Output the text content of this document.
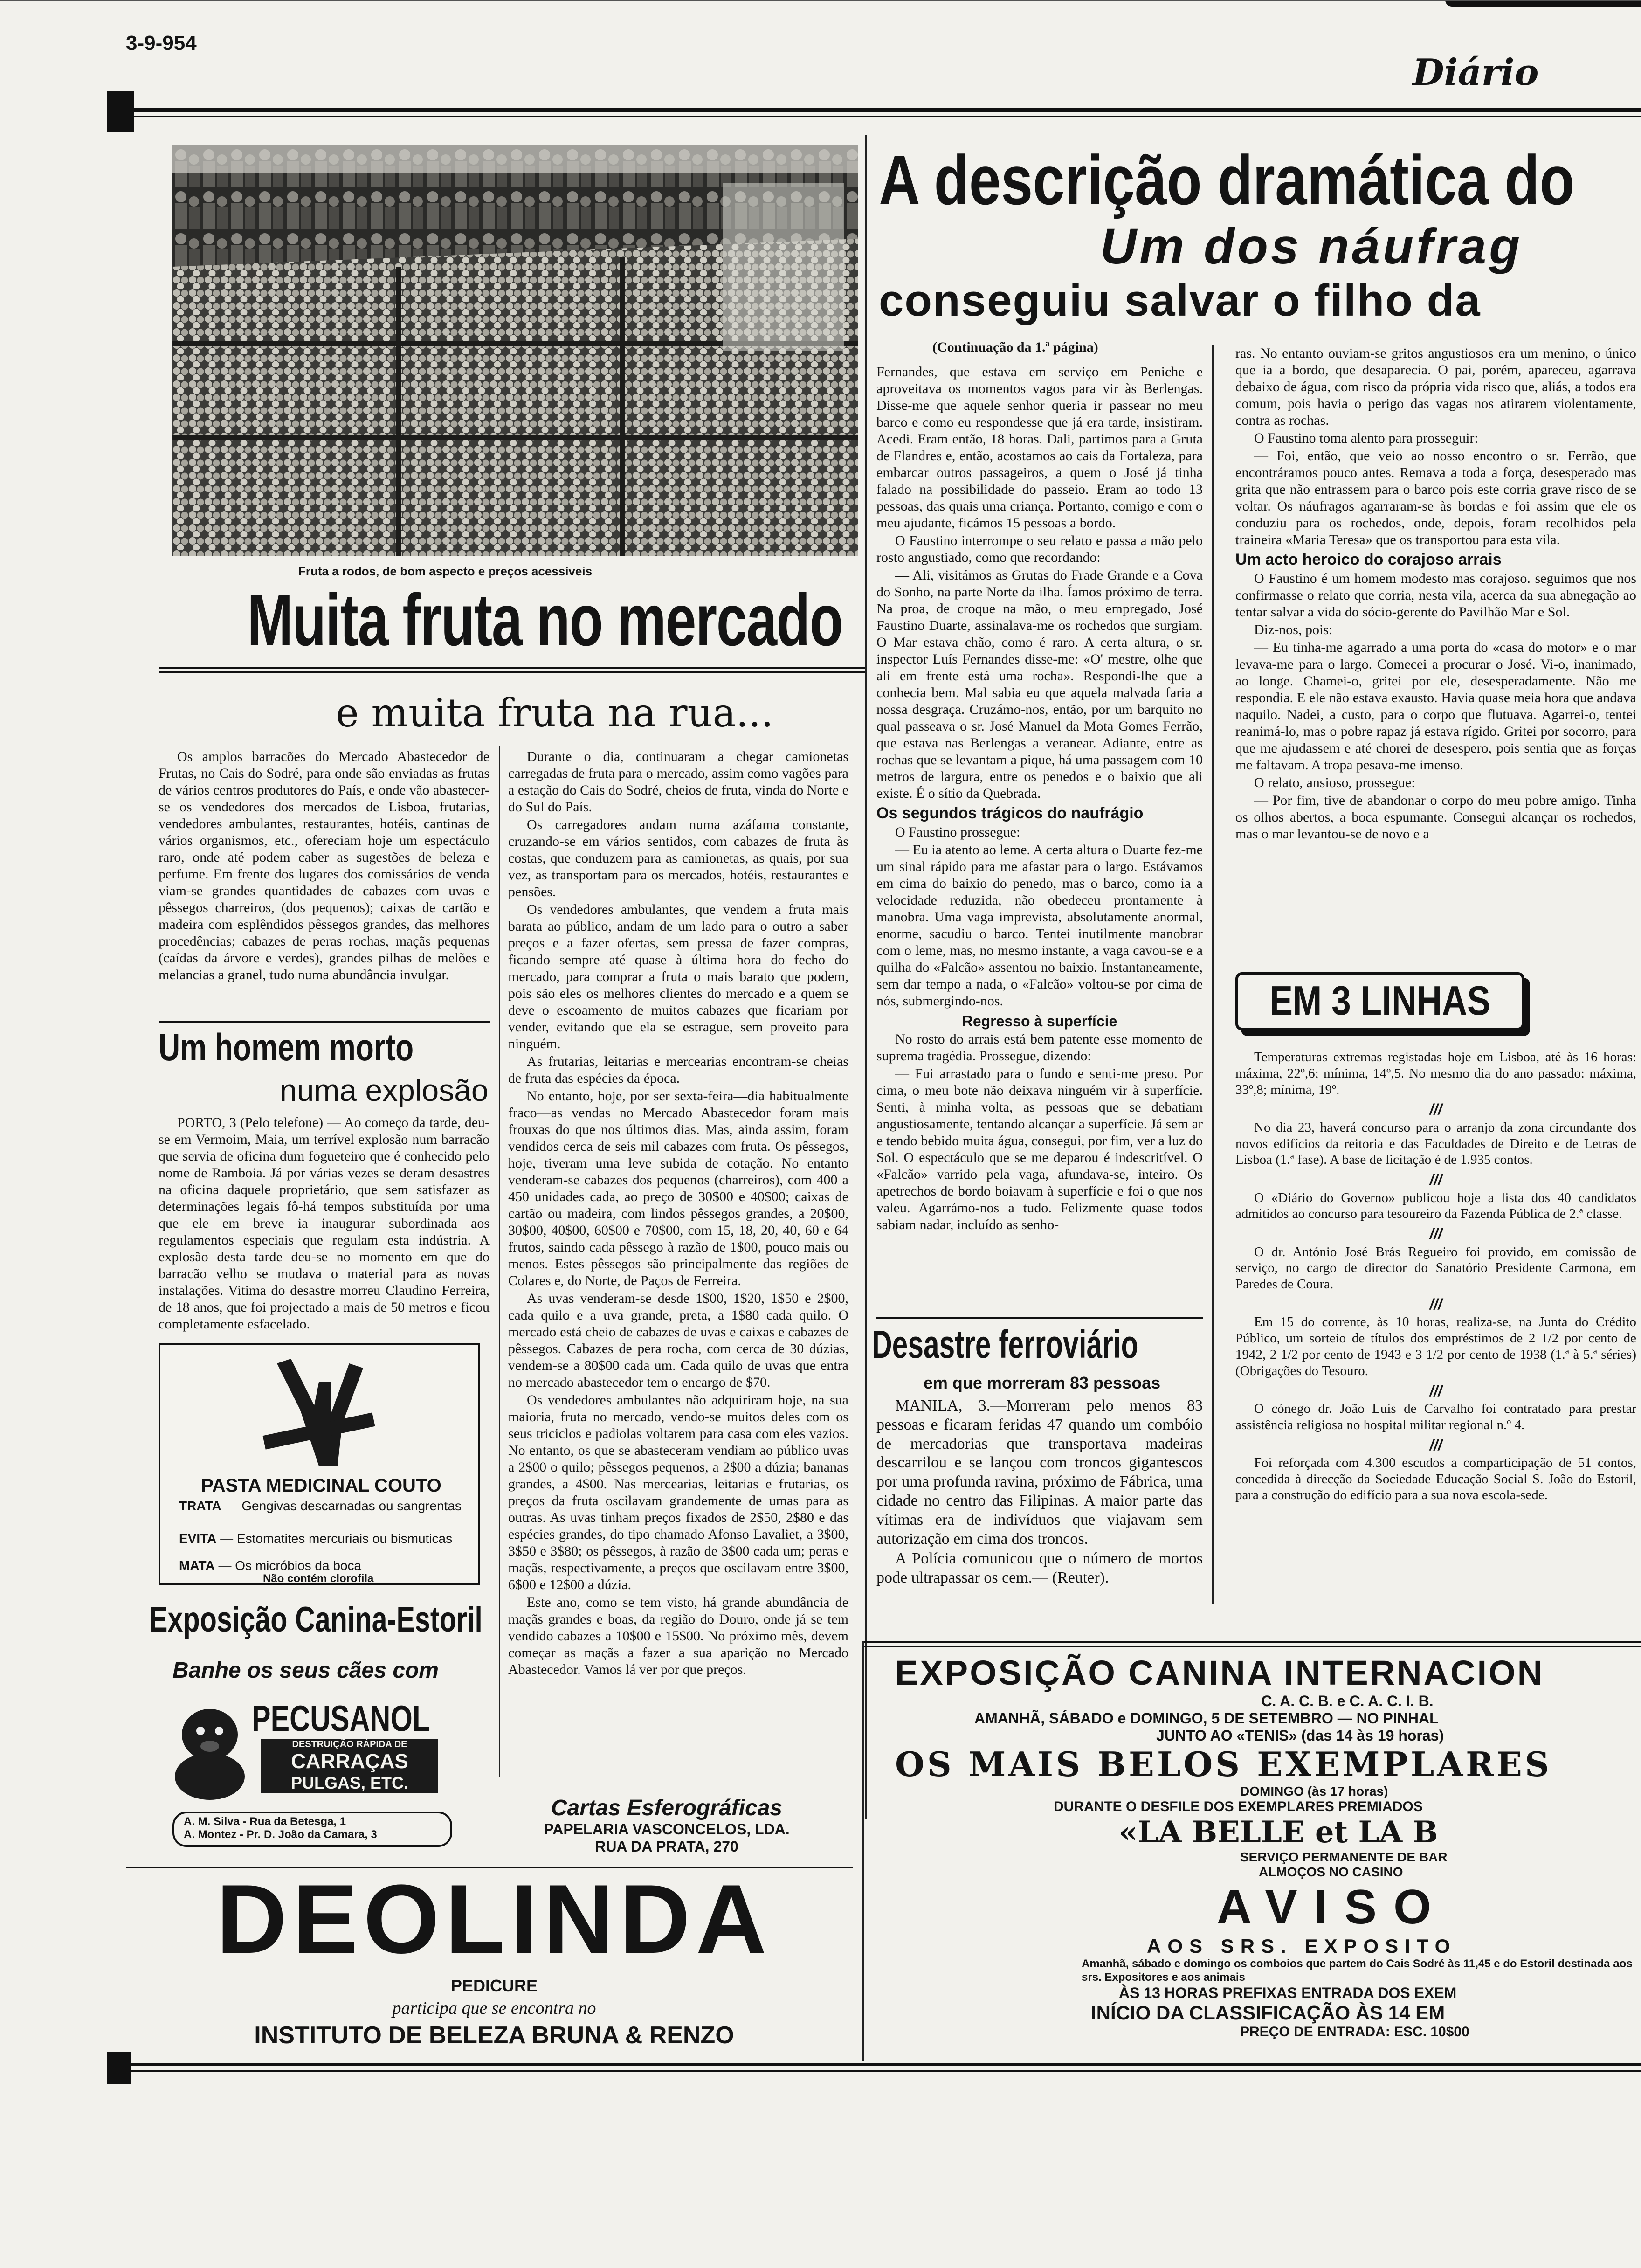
3-9-954
Diário
Fruta a rodos, de bom aspecto e preços acessíveis
Muita fruta no mercado
e muita fruta na rua...

Os amplos barracões do Mercado Abastecedor de Frutas, no Cais do Sodré, para onde são enviadas as frutas de vários centros produtores do País, e onde vão abastecer-se os vendedores dos mercados de Lisboa, frutarias, vendedores ambulantes, restaurantes, hotéis, cantinas de vários organismos, etc., ofereciam hoje um espectáculo raro, onde até podem caber as sugestões de beleza e perfume. Em frente dos lugares dos comissários de venda viam-se grandes quantidades de cabazes com uvas e pêssegos charreiros, (dos pequenos); caixas de cartão e madeira com esplêndidos pêssegos grandes, das melhores procedências; cabazes de peras rochas, maçãs pequenas (caídas da árvore e verdes), grandes pilhas de melões e melancias a granel, tudo numa abundância invulgar.

Durante o dia, continuaram a chegar camionetas carregadas de fruta para o mercado, assim como vagões para a estação do Cais do Sodré, cheios de fruta, vinda do Norte e do Sul do País.

Os carregadores andam numa azáfama constante, cruzando-se em vários sentidos, com cabazes de fruta às costas, que conduzem para as camionetas, as quais, por sua vez, as transportam para os mercados, hotéis, restaurantes e pensões.

Os vendedores ambulantes, que vendem a fruta mais barata ao público, andam de um lado para o outro a saber preços e a fazer ofertas, sem pressa de fazer compras, ficando sempre até quase à última hora do fecho do mercado, para comprar a fruta o mais barato que podem, pois são eles os melhores clientes do mercado e a quem se deve o escoamento de muitos cabazes que ficariam por vender, evitando que ela se estrague, sem proveito para ninguém.

As frutarias, leitarias e mercearias encontram-se cheias de fruta das espécies da época.

No entanto, hoje, por ser sexta-feira—dia habitualmente fraco—as vendas no Mercado Abastecedor foram mais frouxas do que nos últimos dias. Mas, ainda assim, foram vendidos cerca de seis mil cabazes com fruta. Os pêssegos, hoje, tiveram uma leve subida de cotação. No entanto venderam-se cabazes dos pequenos (charreiros), com 400 a 450 unidades cada, ao preço de 30$00 e 40$00; caixas de cartão ou madeira, com lindos pêssegos grandes, a 20$00, 30$00, 40$00, 60$00 e 70$00, com 15, 18, 20, 40, 60 e 64 frutos, saindo cada pêssego à razão de 1$00, pouco mais ou menos. Estes pêssegos são principalmente das regiões de Colares e, do Norte, de Paços de Ferreira.

As uvas venderam-se desde 1$00, 1$20, 1$50 e 2$00, cada quilo e a uva grande, preta, a 1$80 cada quilo. O mercado está cheio de cabazes de uvas e caixas e cabazes de pêssegos. Cabazes de pera rocha, com cerca de 30 dúzias, vendem-se a 80$00 cada um. Cada quilo de uvas que entra no mercado abastecedor tem o encargo de $70.

Os vendedores ambulantes não adquiriram hoje, na sua maioria, fruta no mercado, vendo-se muitos deles com os seus triciclos e padiolas voltarem para casa com eles vazios. No entanto, os que se abasteceram vendiam ao público uvas a 2$00 o quilo; pêssegos pequenos, a 2$00 a dúzia; bananas grandes, a 4$00. Nas mercearias, leitarias e frutarias, os preços da fruta oscilavam grandemente de umas para as outras. As uvas tinham preços fixados de 2$50, 2$80 e das espécies grandes, do tipo chamado Afonso Lavaliet, a 3$00, 3$50 e 3$80; os pêssegos, à razão de 3$00 cada um; peras e maçãs, respectivamente, a preços que oscilavam entre 3$00, 6$00 e 12$00 a dúzia.

Este ano, como se tem visto, há grande abundância de maçãs grandes e boas, da região do Douro, onde já se tem vendido cabazes a 10$00 e 15$00. No próximo mês, devem começar as maçãs a fazer a sua aparição no Mercado Abastecedor. Vamos lá ver por que preços.

Um homem morto
numa explosão

PORTO, 3 (Pelo telefone) — Ao começo da tarde, deu-se em Vermoim, Maia, um terrível explosão num barracão que servia de oficina dum fogueteiro que é conhecido pelo nome de Ramboia. Já por várias vezes se deram desastres na oficina daquele proprietário, que sem satisfazer as determinações legais fô-há tempos substituída por uma que ele em breve ia inaugurar subordinada aos regulamentos especiais que regulam esta indústria. A explosão desta tarde deu-se no momento em que do barracão velho se mudava o material para as novas instalações. Vitima do desastre morreu Claudino Ferreira, de 18 anos, que foi projectado a mais de 50 metros e ficou completamente esfacelado.

PASTA MEDICINAL COUTO
TRATA — Gengivas descarnadas ou sangrentas
EVITA — Estomatites mercuriais ou bismuticas
MATA — Os micróbios da boca
Não contém clorofila
Exposição Canina-Estoril
Banhe os seus cães com
PECUSANOL
DESTRUIÇÃO RÁPIDA DE
CARRAÇAS
PULGAS, ETC.
A. M. Silva - Rua da Betesga, 1
A. Montez - Pr. D. João da Camara, 3
Cartas Esferográficas
PAPELARIA VASCONCELOS, LDA.
RUA DA PRATA, 270
DEOLINDA
PEDICURE
participa que se encontra no
INSTITUTO DE BELEZA BRUNA & RENZO
A descrição dramática do
Um dos náufrag
conseguiu salvar o filho da
(Continuação da 1.ª página)

Fernandes, que estava em serviço em Peniche e aproveitava os momentos vagos para vir às Berlengas. Disse-me que aquele senhor queria ir passear no meu barco e como eu respondesse que já era tarde, insistiram. Acedi. Eram então, 18 horas. Dali, partimos para a Gruta de Flandres e, então, acostamos ao cais da Fortaleza, para embarcar outros passageiros, a quem o José já tinha falado na possibilidade do passeio. Eram ao todo 13 pessoas, das quais uma criança. Portanto, comigo e com o meu ajudante, ficámos 15 pessoas a bordo.

O Faustino interrompe o seu relato e passa a mão pelo rosto angustiado, como que recordando:

— Ali, visitámos as Grutas do Frade Grande e a Cova do Sonho, na parte Norte da ilha. Íamos próximo de terra. Na proa, de croque na mão, o meu empregado, José Faustino Duarte, assinalava-me os rochedos que surgiam. O Mar estava chão, como é raro. A certa altura, o sr. inspector Luís Fernandes disse-me: «O' mestre, olhe que ali em frente está uma rocha». Respondi-lhe que a conhecia bem. Mal sabia eu que aquela malvada faria a nossa desgraça. Cruzámo-nos, então, por um barquito no qual passeava o sr. José Manuel da Mota Gomes Ferrão, que estava nas Berlengas a veranear. Adiante, entre as rochas que se levantam a pique, há uma passagem com 10 metros de largura, entre os penedos e o baixio que ali existe. É o sítio da Quebrada.

Os segundos trágicos do naufrágio

O Faustino prossegue:

— Eu ia atento ao leme. A certa altura o Duarte fez-me um sinal rápido para me afastar para o largo. Estávamos em cima do baixio do penedo, mas o barco, como ia a velocidade reduzida, não obedeceu prontamente à manobra. Uma vaga imprevista, absolutamente anormal, enorme, sacudiu o barco. Tentei inutilmente manobrar com o leme, mas, no mesmo instante, a vaga cavou-se e a quilha do «Falcão» assentou no baixio. Instantaneamente, sem dar tempo a nada, o «Falcão» voltou-se por cima de nós, submergindo-nos.

Regresso à superfície

No rosto do arrais está bem patente esse momento de suprema tragédia. Prossegue, dizendo:

— Fui arrastado para o fundo e senti-me preso. Por cima, o meu bote não deixava ninguém vir à superfície. Senti, à minha volta, as pessoas que se debatiam angustiosamente, tentando alcançar a superfície. Já sem ar e tendo bebido muita água, consegui, por fim, ver a luz do Sol. O espectáculo que se me deparou é indescritível. O «Falcão» varrido pela vaga, afundava-se, inteiro. Os apetrechos de bordo boiavam à superfície e foi o que nos valeu. Agarrámo-nos a tudo. Felizmente quase todos sabiam nadar, incluído as senho-

ras. No entanto ouviam-se gritos angustiosos era um menino, o único que ia a bordo, que desaparecia. O pai, porém, apareceu, agarrava debaixo de água, com risco da própria vida risco que, aliás, a todos era comum, pois havia o perigo das vagas nos atirarem violentamente, contra as rochas.

O Faustino toma alento para prosseguir:

— Foi, então, que veio ao nosso encontro o sr. Ferrão, que encontráramos pouco antes. Remava a toda a força, desesperado mas grita que não entrassem para o barco pois este corria grave risco de se voltar. Os náufragos agarraram-se às bordas e foi assim que ele os conduziu para os rochedos, onde, depois, foram recolhidos pela traineira «Maria Teresa» que os transportou para esta vila.

Um acto heroico do corajoso arrais

O Faustino é um homem modesto mas corajoso. seguimos que nos confirmasse o relato que corria, nesta vila, acerca da sua abnegação ao tentar salvar a vida do sócio-gerente do Pavilhão Mar e Sol.

Diz-nos, pois:

— Eu tinha-me agarrado a uma porta do «casa do motor» e o mar levava-me para o largo. Comecei a procurar o José. Vi-o, inanimado, ao longe. Chamei-o, gritei por ele, desesperadamente. Não me respondia. E ele não estava exausto. Havia quase meia hora que andava naquilo. Nadei, a custo, para o corpo que flutuava. Agarrei-o, tentei reanimá-lo, mas o pobre rapaz já estava rígido. Gritei por socorro, para que me ajudassem e até chorei de desespero, pois sentia que as forças me faltavam. A tropa pesava-me imenso.

O relato, ansioso, prossegue:

— Por fim, tive de abandonar o corpo do meu pobre amigo. Tinha os olhos abertos, a boca espumante. Consegui alcançar os rochedos, mas o mar levantou-se de novo e a

Desastre ferroviário
em que morreram 83 pessoas

MANILA, 3.—Morreram pelo menos 83 pessoas e ficaram feridas 47 quando um combóio de mercadorias que transportava madeiras descarrilou e se lançou com troncos gigantescos por uma profunda ravina, próximo de Fábrica, uma cidade no centro das Filipinas. A maior parte das vítimas era de indivíduos que viajavam sem autorização em cima dos troncos.

A Polícia comunicou que o número de mortos pode ultrapassar os cem.— (Reuter).

EM 3 LINHAS

Temperaturas extremas registadas hoje em Lisboa, até às 16 horas: máxima, 22º,6; mínima, 14º,5. No mesmo dia do ano passado: máxima, 33º,8; mínima, 19º.

///

No dia 23, haverá concurso para o arranjo da zona circundante dos novos edifícios da reitoria e das Faculdades de Direito e de Letras de Lisboa (1.ª fase). A base de licitação é de 1.935 contos.

///

O «Diário do Governo» publicou hoje a lista dos 40 candidatos admitidos ao concurso para tesoureiro da Fazenda Pública de 2.ª classe.

///

O dr. António José Brás Regueiro foi provido, em comissão de serviço, no cargo de director do Sanatório Presidente Carmona, em Paredes de Coura.

///

Em 15 do corrente, às 10 horas, realiza-se, na Junta do Crédito Público, um sorteio de títulos dos empréstimos de 2 1/2 por cento de 1942, 2 1/2 por cento de 1943 e 3 1/2 por cento de 1938 (1.ª à 5.ª séries) (Obrigações do Tesouro.

///

O cónego dr. João Luís de Carvalho foi contratado para prestar assistência religiosa no hospital militar regional n.º 4.

///

Foi reforçada com 4.300 escudos a comparticipação de 51 contos, concedida à direcção da Sociedade Educação Social S. João do Estoril, para a construção do edifício para a sua nova escola-sede.

EXPOSIÇÃO CANINA INTERNACION
C. A. C. B. e C. A. C. I. B.
AMANHÃ, SÁBADO e DOMINGO, 5 DE SETEMBRO — NO PINHAL
JUNTO AO «TENIS» (das 14 às 19 horas)
OS MAIS BELOS EXEMPLARES
DOMINGO (às 17 horas)
DURANTE O DESFILE DOS EXEMPLARES PREMIADOS
«LA BELLE et LA B
SERVIÇO PERMANENTE DE BAR
ALMOÇOS NO CASINO
AVISO
AOS SRS. EXPOSITO
Amanhã, sábado e domingo os comboios que partem do Cais Sodré às 11,45 e do Estoril destinada aos srs. Expositores e aos animais
ÀS 13 HORAS PREFIXAS ENTRADA DOS EXEM
INÍCIO DA CLASSIFICAÇÃO ÀS 14 EM
PREÇO DE ENTRADA: ESC. 10$00
